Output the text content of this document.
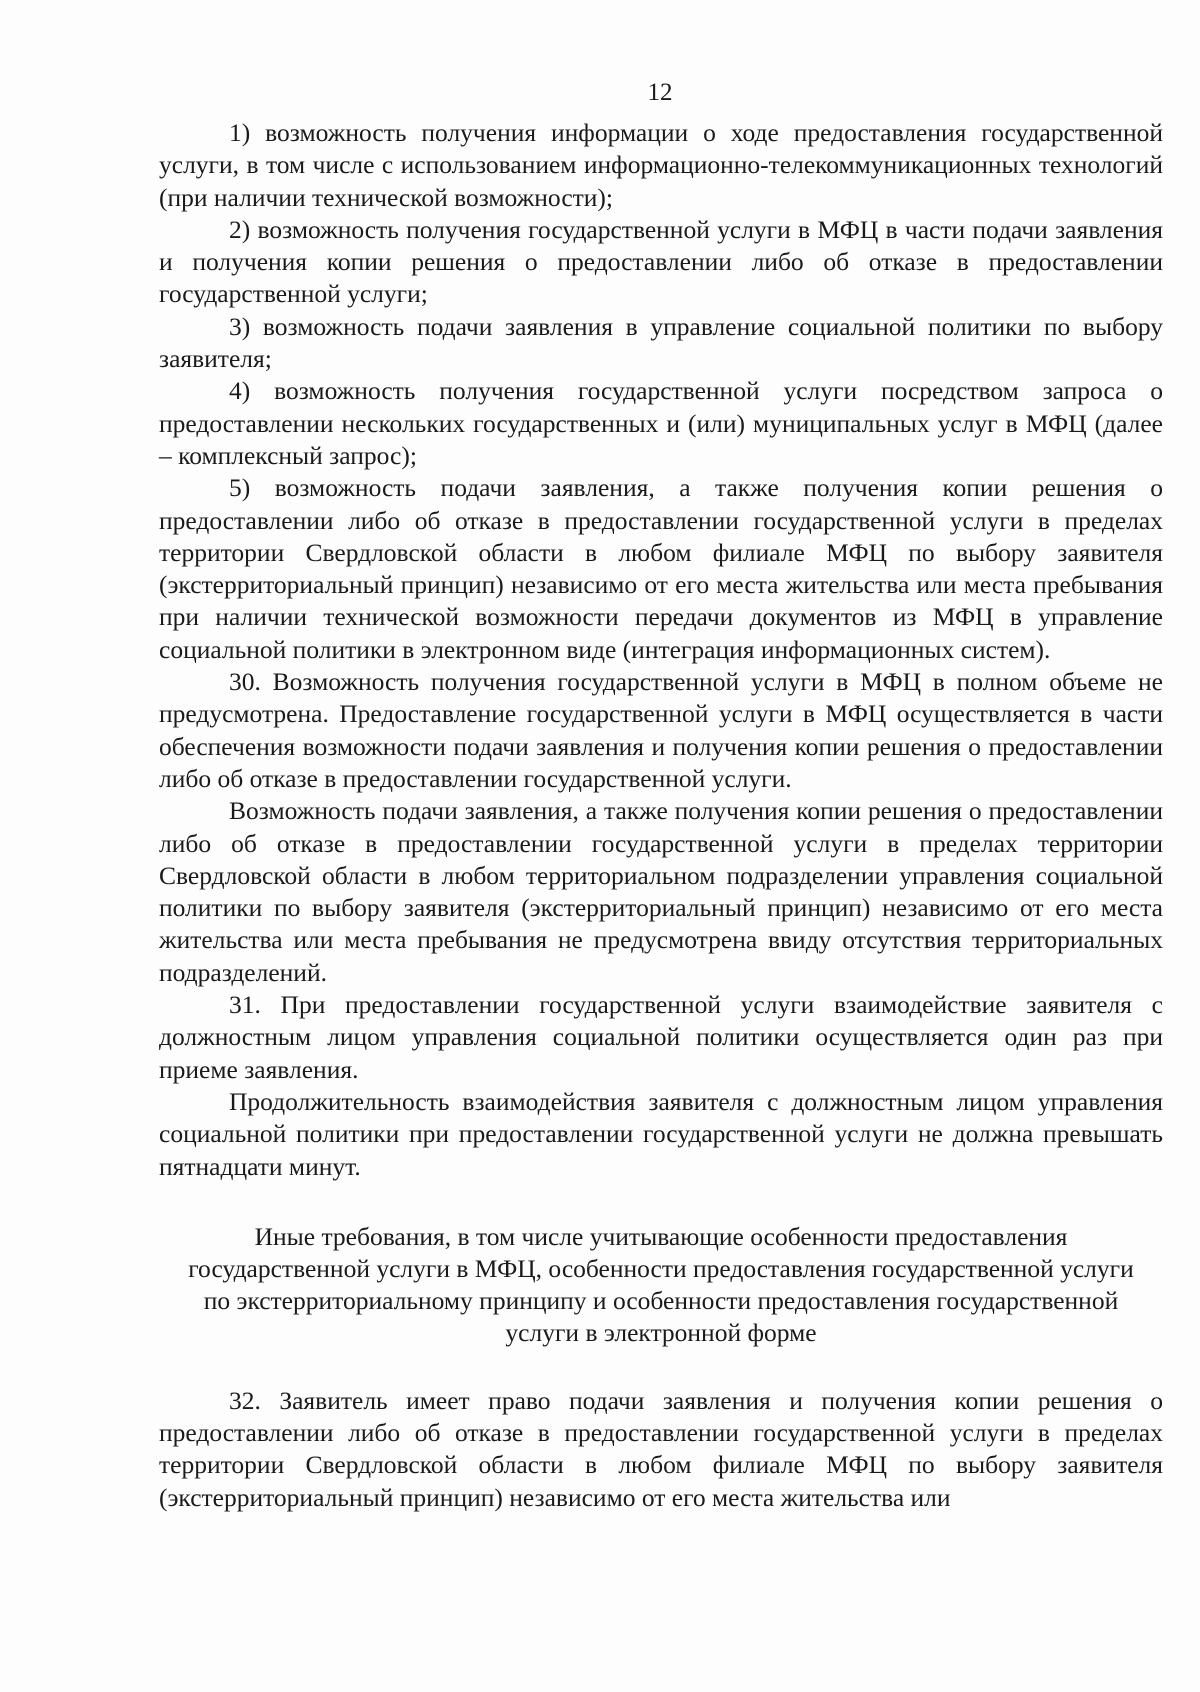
12

1) возможность получения информации о ходе предоставления государственной услуги, в том числе с использованием информационно-телекоммуникационных технологий (при наличии технической возможности);

2) возможность получения государственной услуги в МФЦ в части подачи заявления и получения копии решения о предоставлении либо об отказе в предоставлении государственной услуги;

3) возможность подачи заявления в управление социальной политики по выбору заявителя;

4) возможность получения государственной услуги посредством запроса о предоставлении нескольких государственных и (или) муниципальных услуг в МФЦ (далее – комплексный запрос);

5) возможность подачи заявления, а также получения копии решения о предоставлении либо об отказе в предоставлении государственной услуги в пределах территории Свердловской области в любом филиале МФЦ по выбору заявителя (экстерриториальный принцип) независимо от его места жительства или места пребывания при наличии технической возможности передачи документов из МФЦ в управление социальной политики в электронном виде (интеграция информационных систем).

30. Возможность получения государственной услуги в МФЦ в полном объеме не предусмотрена. Предоставление государственной услуги в МФЦ осуществляется в части обеспечения возможности подачи заявления и получения копии решения о предоставлении либо об отказе в предоставлении государственной услуги.

Возможность подачи заявления, а также получения копии решения о предоставлении либо об отказе в предоставлении государственной услуги в пределах территории Свердловской области в любом территориальном подразделении управления социальной политики по выбору заявителя (экстерриториальный принцип) независимо от его места жительства или места пребывания не предусмотрена ввиду отсутствия территориальных подразделений.

31. При предоставлении государственной услуги взаимодействие заявителя с должностным лицом управления социальной политики осуществляется один раз при приеме заявления.

Продолжительность взаимодействия заявителя с должностным лицом управления социальной политики при предоставлении государственной услуги не должна превышать пятнадцати минут.

Иные требования, в том числе учитывающие особенности предоставления государственной услуги в МФЦ, особенности предоставления государственной услуги по экстерриториальному принципу и особенности предоставления государственной услуги в электронной форме

32. Заявитель имеет право подачи заявления и получения копии решения о предоставлении либо об отказе в предоставлении государственной услуги в пределах территории Свердловской области в любом филиале МФЦ по выбору заявителя (экстерриториальный принцип) независимо от его места жительства или
